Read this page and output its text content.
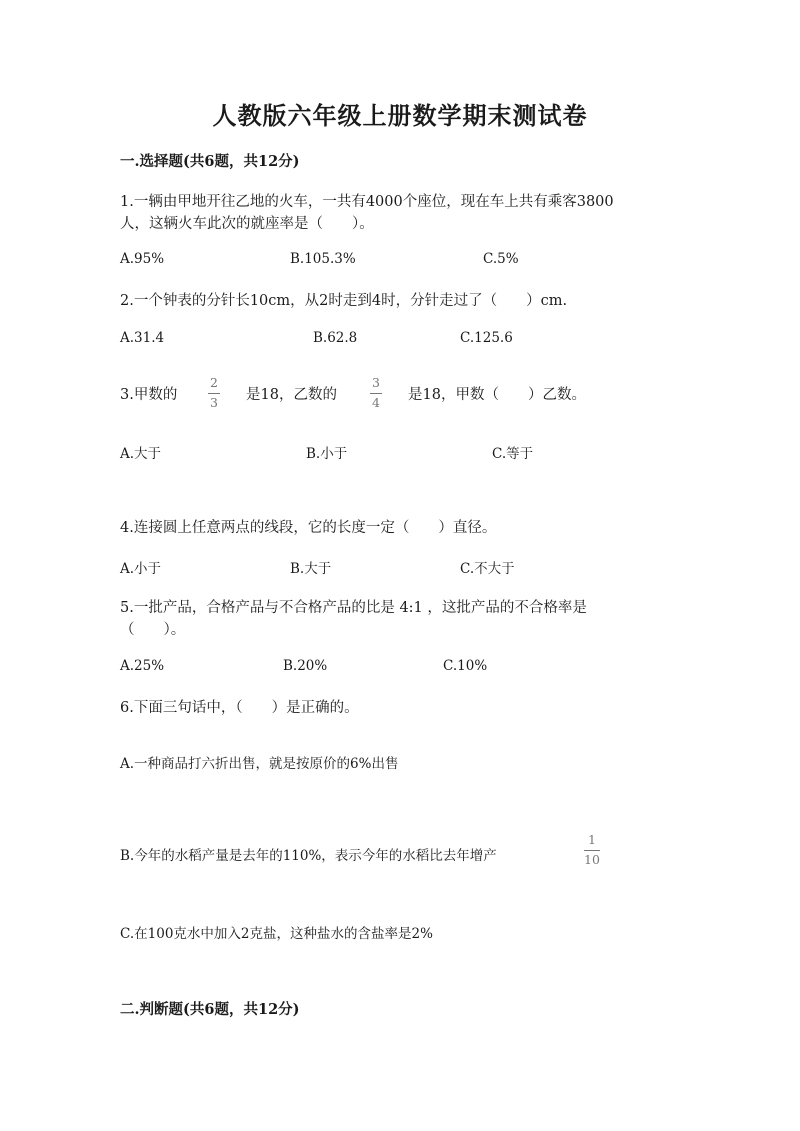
人教版六年级上册数学期末测试卷
一.选择题(共6题，共12分)
1.一辆由甲地开往乙地的火车，一共有4000个座位，现在车上共有乘客3800
人，这辆火车此次的就座率是（　　）。
A.95%	B.105.3%	C.5%
2.一个钟表的分针长10cm，从2时走到4时，分针走过了（　　）cm.
A.31.4	B.62.8	C.125.6
3.甲数的
2
3 是18，乙数的
3
4 是18，甲数（　　）乙数。
A.大于	B.小于	C.等于
4.连接圆上任意两点的线段，它的长度一定（　　）直径。
A.小于	B.大于	C.不大于
5.一批产品，合格产品与不合格产品的比是 4:1 ，这批产品的不合格率是
（　　）。
A.25%	B.20%	C.10%
6.下面三句话中，（　　）是正确的。
A.一种商品打六折出售，就是按原价的6%出售
B.今年的水稻产量是去年的110%，表示今年的水稻比去年增产
1
10
C.在100克水中加入2克盐，这种盐水的含盐率是2%
二.判断题(共6题，共12分)
